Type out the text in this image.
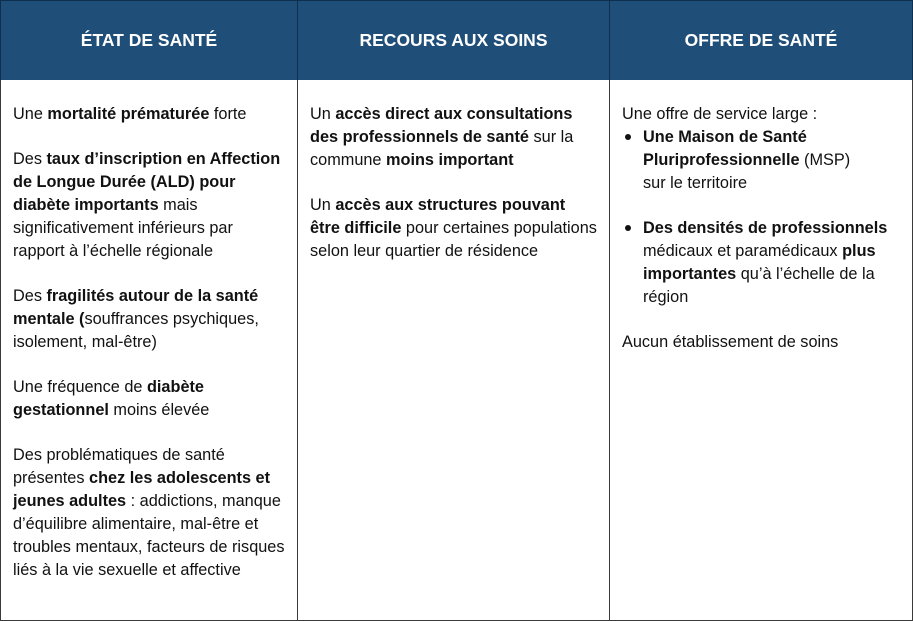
ÉTAT DE SANTÉ	RECOURS AUX SOINS	OFFRE DE SANTÉ
Une mortalité prématurée forte
Des taux d’inscription en Affection de Longue Durée (ALD) pour diabète importants mais significativement inférieurs par rapport à l’échelle régionale
Des fragilités autour de la santé mentale (souffrances psychiques, isolement, mal-être)
Une fréquence de diabète gestationnel moins élevée
Des problématiques de santé présentes chez les adolescents et jeunes adultes : addictions, manque d’équilibre alimentaire, mal-être et troubles mentaux, facteurs de risques liés à la vie sexuelle et affective
Un accès direct aux consultations des professionnels de santé sur la commune moins important
Un accès aux structures pouvant être difficile pour certaines populations selon leur quartier de résidence
Une offre de service large :
Une Maison de Santé Pluriprofessionnelle (MSP)
sur le territoire
Des densités de professionnels médicaux et paramédicaux plus importantes qu’à l’échelle de la région
Aucun établissement de soins
